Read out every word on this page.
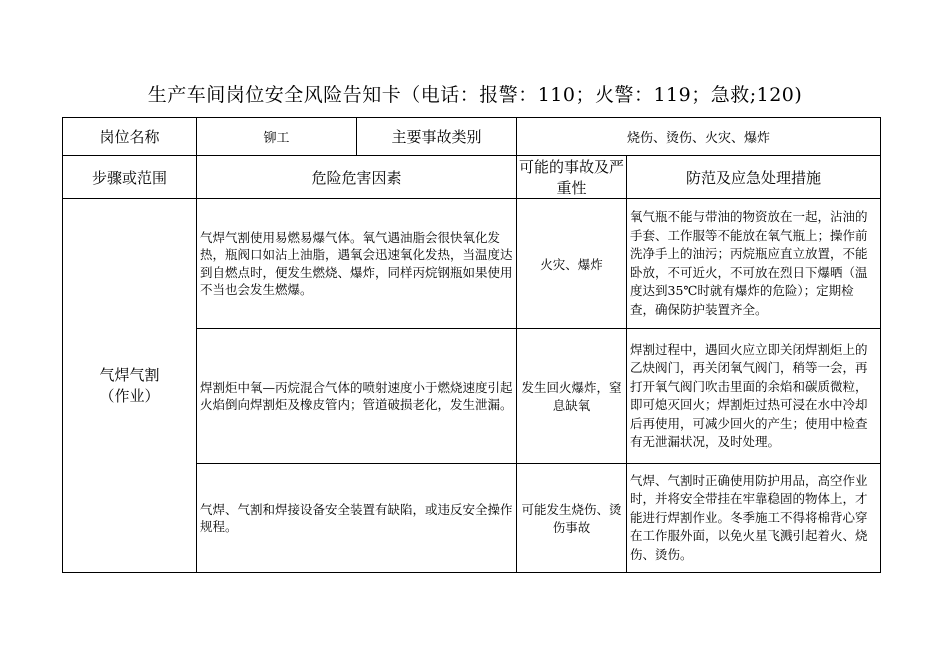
生产车间岗位安全风险告知卡（电话：报警：110；火警：119；急救;120)
岗位名称	铆工	主要事故类别	烧伤、烫伤、火灾、爆炸	
步骤或范围	危险危害因素		可能的事故及严重性	防范及应急处理措施
气焊气割
（作业）	气焊气割使用易燃易爆气体。氧气遇油脂会很快氧化发热，瓶阀口如沾上油脂，遇氧会迅速氧化发热，当温度达到自燃点时，便发生燃烧、爆炸，同样丙烷钢瓶如果使用不当也会发生燃爆。		火灾、爆炸	氧气瓶不能与带油的物资放在一起，沾油的手套、工作服等不能放在氧气瓶上；操作前洗净手上的油污；丙烷瓶应直立放置，不能卧放，不可近火，不可放在烈日下爆晒（温度达到35℃时就有爆炸的危险）；定期检查，确保防护装置齐全。
	焊割炬中氧—丙烷混合气体的喷射速度小于燃烧速度引起火焰倒向焊割炬及橡皮管内；管道破损老化，发生泄漏。		发生回火爆炸，窒息缺氧	焊割过程中，遇回火应立即关闭焊割炬上的乙炔阀门，再关闭氧气阀门，稍等一会，再打开氧气阀门吹击里面的余焰和碳质微粒，即可熄灭回火；焊割炬过热可浸在水中冷却后再使用，可减少回火的产生；使用中检查有无泄漏状况，及时处理。
	气焊、气割和焊接设备安全装置有缺陷，或违反安全操作规程。		可能发生烧伤、烫伤事故	气焊、气割时正确使用防护用品，高空作业时，并将安全带挂在牢靠稳固的物体上，才能进行焊割作业。冬季施工不得将棉背心穿在工作服外面，以免火星飞溅引起着火、烧伤、烫伤。
